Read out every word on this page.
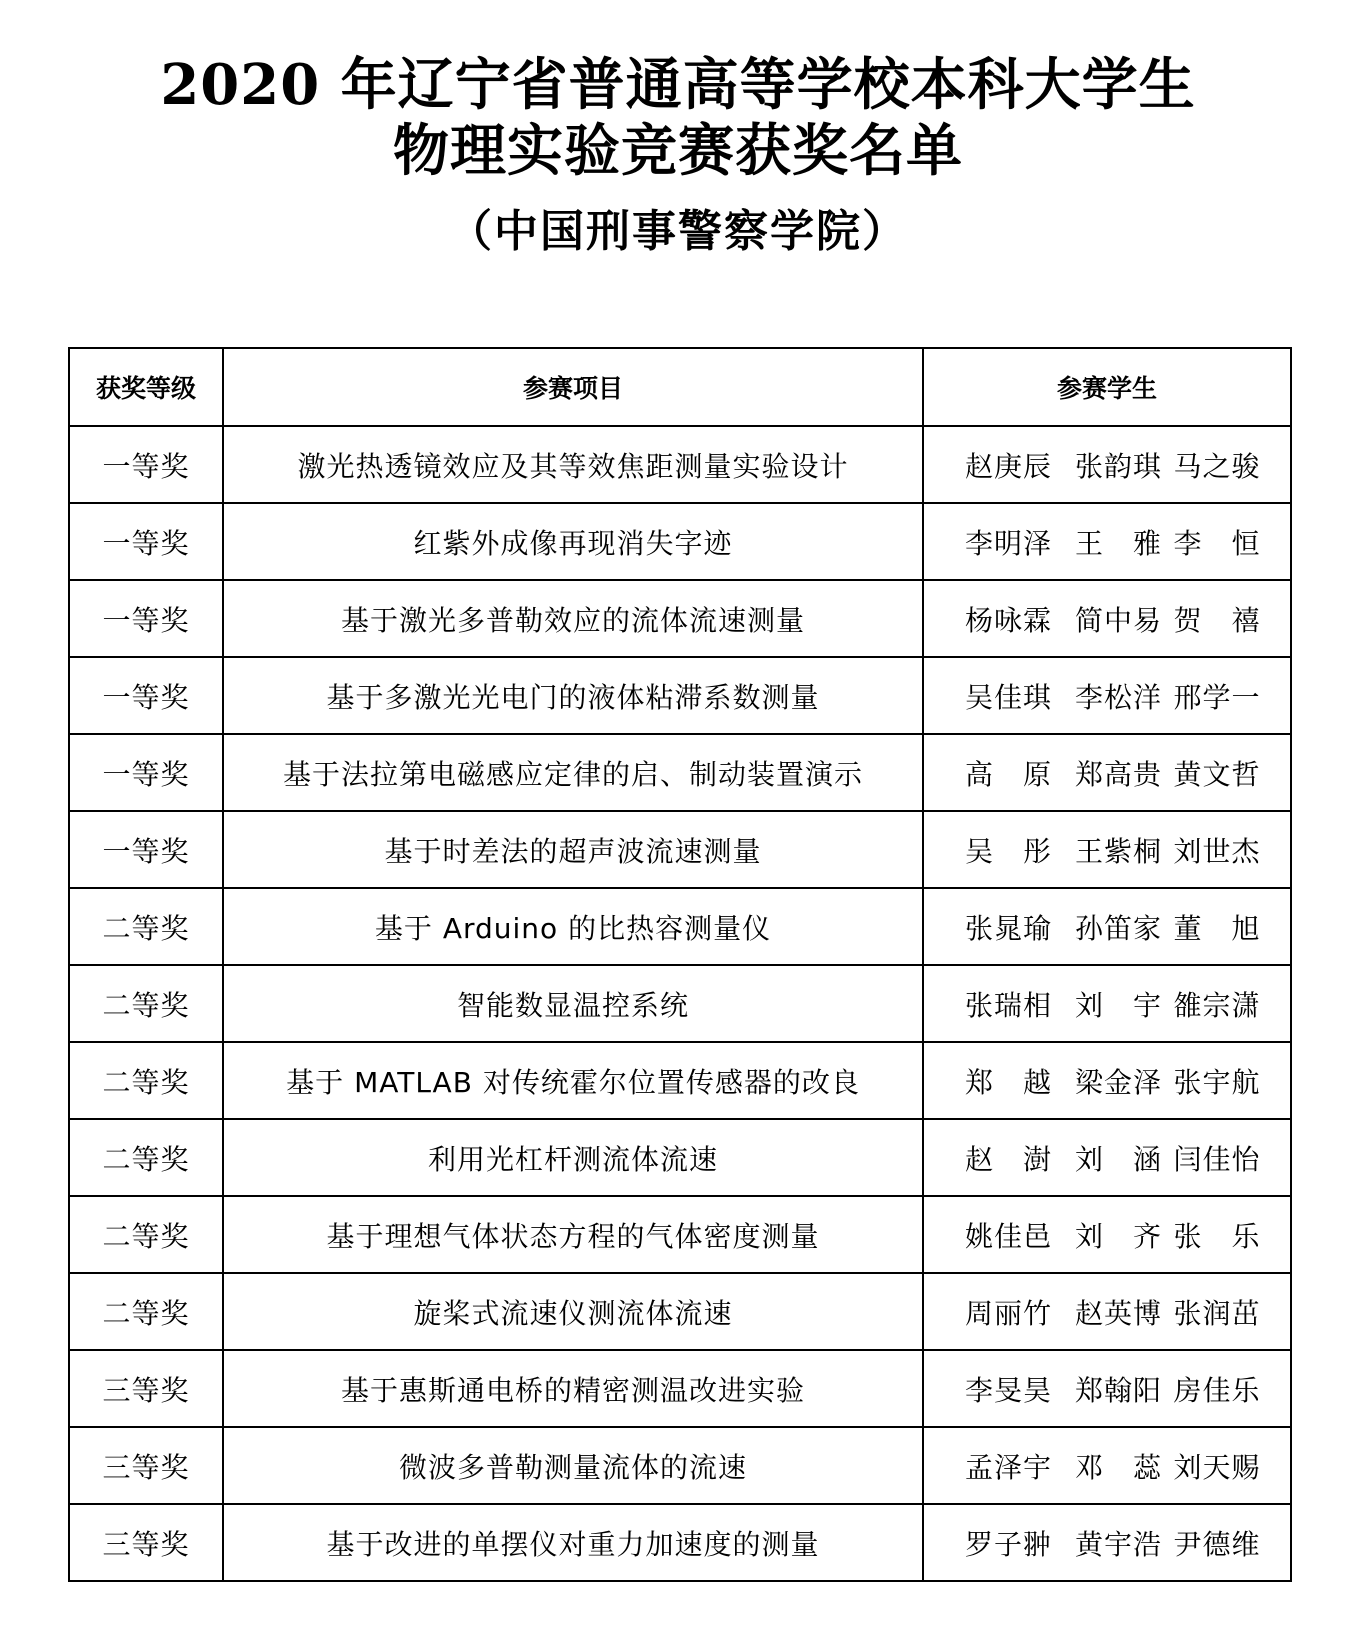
2020 年辽宁省普通高等学校本科大学生
物理实验竞赛获奖名单
（中国刑事警察学院）
获奖等级	参赛项目	参赛学生
一等奖	激光热透镜效应及其等效焦距测量实验设计	赵庚辰 张韵琪 马之骏
一等奖	红紫外成像再现消失字迹	李明泽 王　雅 李　恒
一等奖	基于激光多普勒效应的流体流速测量	杨咏霖 简中易 贺　禧
一等奖	基于多激光光电门的液体粘滞系数测量	吴佳琪 李松洋 邢学一
一等奖	基于法拉第电磁感应定律的启、制动装置演示	高　原 郑高贵 黄文哲
一等奖	基于时差法的超声波流速测量	吴　彤 王紫桐 刘世杰
二等奖	基于 Arduino 的比热容测量仪	张晁瑜 孙笛家 董　旭
二等奖	智能数显温控系统	张瑞相 刘　宇 雒宗潇
二等奖	基于 MATLAB 对传统霍尔位置传感器的改良	郑　越 梁金泽 张宇航
二等奖	利用光杠杆测流体流速	赵　澍 刘　涵 闫佳怡
二等奖	基于理想气体状态方程的气体密度测量	姚佳邑 刘　齐 张　乐
二等奖	旋桨式流速仪测流体流速	周丽竹 赵英博 张润茁
三等奖	基于惠斯通电桥的精密测温改进实验	李旻昊 郑翰阳 房佳乐
三等奖	微波多普勒测量流体的流速	孟泽宇 邓　蕊 刘天赐
三等奖	基于改进的单摆仪对重力加速度的测量	罗子翀 黄宇浩 尹德维
